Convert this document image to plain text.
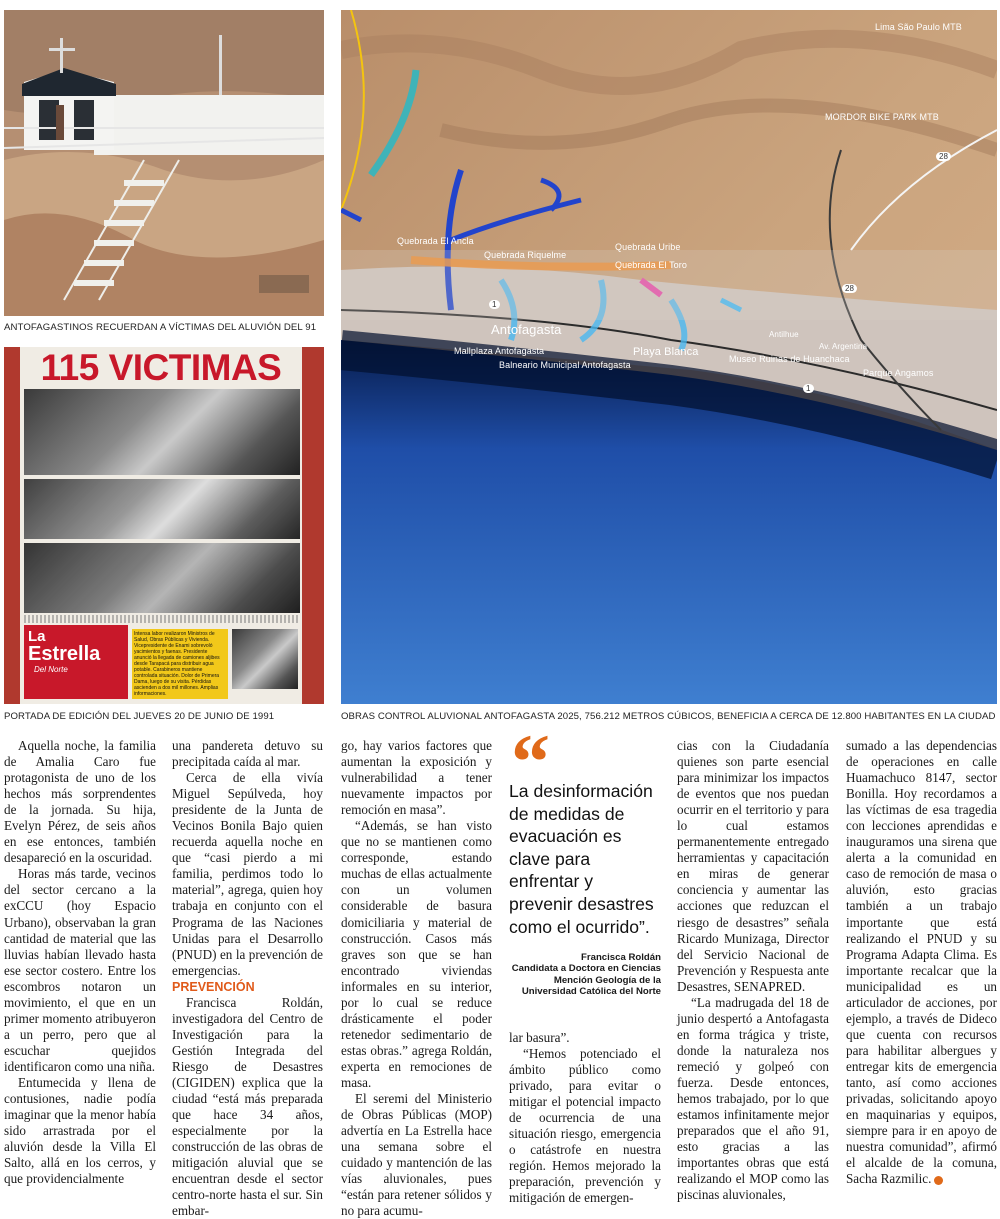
ANTOFAGASTINOS RECUERDAN A VÍCTIMAS DEL ALUVIÓN DEL 91
115 VICTIMAS
La
Estrella
Del Norte
Intensa labor realizaron Ministros de Salud, Obras Públicas y Vivienda. Vicepresidente de Enami sobrevoló yacimientos y faenas. Presidente anunció la llegada de camiones aljibes desde Tarapacá para distribuir agua potable. Carabineros mantiene controlada situación. Dolor de Primera Dama, luego de su visita. Pérdidas ascienden a dos mil millones. Amplias informaciones.
PORTADA DE EDICIÓN DEL JUEVES 20 DE JUNIO DE 1991
Lima São Paulo MTB
MORDOR BIKE PARK MTB
Quebrada El Ancla
Quebrada Riquelme
Quebrada Uribe
Quebrada El Toro
Antofagasta
Mallplaza Antofagasta
Balneario Municipal Antofagasta
Playa Blanca
Museo Ruinas de Huanchaca
Parque Angamos
Av. Argentina
Antilhue
28
28
1
1
OBRAS CONTROL ALUVIONAL ANTOFAGASTA 2025, 756.212 METROS CÚBICOS, BENEFICIA A CERCA DE 12.800 HABITANTES EN LA CIUDAD

Aquella noche, la familia de Amalia Caro fue protagonista de uno de los hechos más sorprendentes de la jornada. Su hija, Evelyn Pérez, de seis años en ese entonces, también desapareció en la oscuridad.

Horas más tarde, vecinos del sector cercano a la exCCU (hoy Espacio Urbano), observaban la gran cantidad de material que las lluvias habían llevado hasta ese sector costero. Entre los escombros notaron un movimiento, el que en un primer momento atribuyeron a un perro, pero que al escuchar quejidos identificaron como una niña.

Entumecida y llena de contusiones, nadie podía imaginar que la menor había sido arrastrada por el aluvión desde la Villa El Salto, allá en los cerros, y que providencialmente

una pandereta detuvo su precipitada caída al mar.

Cerca de ella vivía Miguel Sepúlveda, hoy presidente de la Junta de Vecinos Bonila Bajo quien recuerda aquella noche en que “casi pierdo a mi familia, perdimos todo lo material”, agrega, quien hoy trabaja en conjunto con el Programa de las Naciones Unidas para el Desarrollo (PNUD) en la prevención de emergencias.

PREVENCIÓN

Francisca Roldán, investigadora del Centro de Investigación para la Gestión Integrada del Riesgo de Desastres (CIGIDEN) explica que la ciudad “está más preparada que hace 34 años, especialmente por la construcción de las obras de mitigación aluvial que se encuentran desde el sector centro-norte hasta el sur. Sin embar-

go, hay varios factores que aumentan la exposición y vulnerabilidad a tener nuevamente impactos por remoción en masa”.

“Además, se han visto que no se mantienen como corresponde, estando muchas de ellas actualmente con un volumen considerable de basura domiciliaria y material de construcción. Casos más graves son que se han encontrado viviendas informales en su interior, por lo cual se reduce drásticamente el poder retenedor sedimentario de estas obras.” agrega Roldán, experta en remociones de masa.

El seremi del Ministerio de Obras Públicas (MOP) advertía en La Estrella hace una semana sobre el cuidado y mantención de las vías aluvionales, pues “están para retener sólidos y no para acumu-

“
La desinformación de medidas de evacuación es clave para enfrentar y prevenir desastres como el ocurrido”.
Francisca Roldán
Candidata a Doctora en Ciencias
Mención Geología de la
Universidad Católica del Norte

lar basura”.

“Hemos potenciado el ámbito público como privado, para evitar o mitigar el potencial impacto de ocurrencia de una situación riesgo, emergencia o catástrofe en nuestra región. Hemos mejorado la preparación, prevención y mitigación de emergen-

cias con la Ciudadanía quienes son parte esencial para minimizar los impactos de eventos que nos puedan ocurrir en el territorio y para lo cual estamos permanentemente entregado herramientas y capacitación en miras de generar conciencia y aumentar las acciones que reduzcan el riesgo de desastres” señala Ricardo Munizaga, Director del Servicio Nacional de Prevención y Respuesta ante Desastres, SENAPRED.

“La madrugada del 18 de junio despertó a Antofagasta en forma trágica y triste, donde la naturaleza nos remeció y golpeó con fuerza. Desde entonces, hemos trabajado, por lo que estamos infinitamente mejor preparados que el año 91, esto gracias a las importantes obras que está realizando el MOP como las piscinas aluvionales,

sumado a las dependencias de operaciones en calle Huamachuco 8147, sector Bonilla. Hoy recordamos a las víctimas de esa tragedia con lecciones aprendidas e inauguramos una sirena que alerta a la comunidad en caso de remoción de masa o aluvión, esto gracias también a un trabajo importante que está realizando el PNUD y su Programa Adapta Clima. Es importante recalcar que la municipalidad es un articulador de acciones, por ejemplo, a través de Dideco que cuenta con recursos para habilitar albergues y entregar kits de emergencia tanto, así como acciones privadas, solicitando apoyo en maquinarias y equipos, siempre para ir en apoyo de nuestra comunidad”, afirmó el alcalde de la comuna, Sacha Razmilic.
